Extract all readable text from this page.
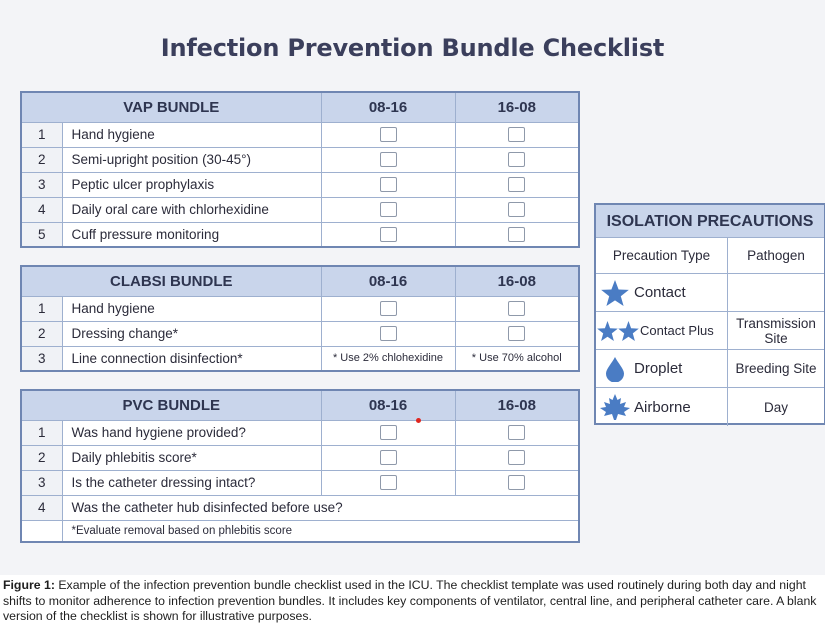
Infection Prevention Bundle Checklist
VAP BUNDLE		08-16	16-08
1	Hand hygiene		
2	Semi-upright position (30-45°)		
3	Peptic ulcer prophylaxis		
4	Daily oral care with chlorhexidine		
5	Cuff pressure monitoring		
CLABSI BUNDLE		08-16	16-08
1	Hand hygiene		
2	Dressing change*		
3	Line connection disinfection*	* Use 2% chlohexidine	* Use 70% alcohol
PVC BUNDLE		08-16	16-08
1	Was hand hygiene provided?		
2	Daily phlebitis score*		
3	Is the catheter dressing intact?		
4	Was the catheter hub disinfected before use?		
	*Evaluate removal based on phlebitis score		
ISOLATION PRECAUTIONS
Precaution Type	Pathogen
Contact
Contact Plus	Transmission Site
Droplet	Breeding Site
Airborne	Day
Figure 1: Example of the infection prevention bundle checklist used in the ICU. The checklist template was used routinely during both day and night shifts to monitor adherence to infection prevention bundles. It includes key components of ventilator, central line, and peripheral catheter care. A blank version of the checklist is shown for illustrative purposes.
